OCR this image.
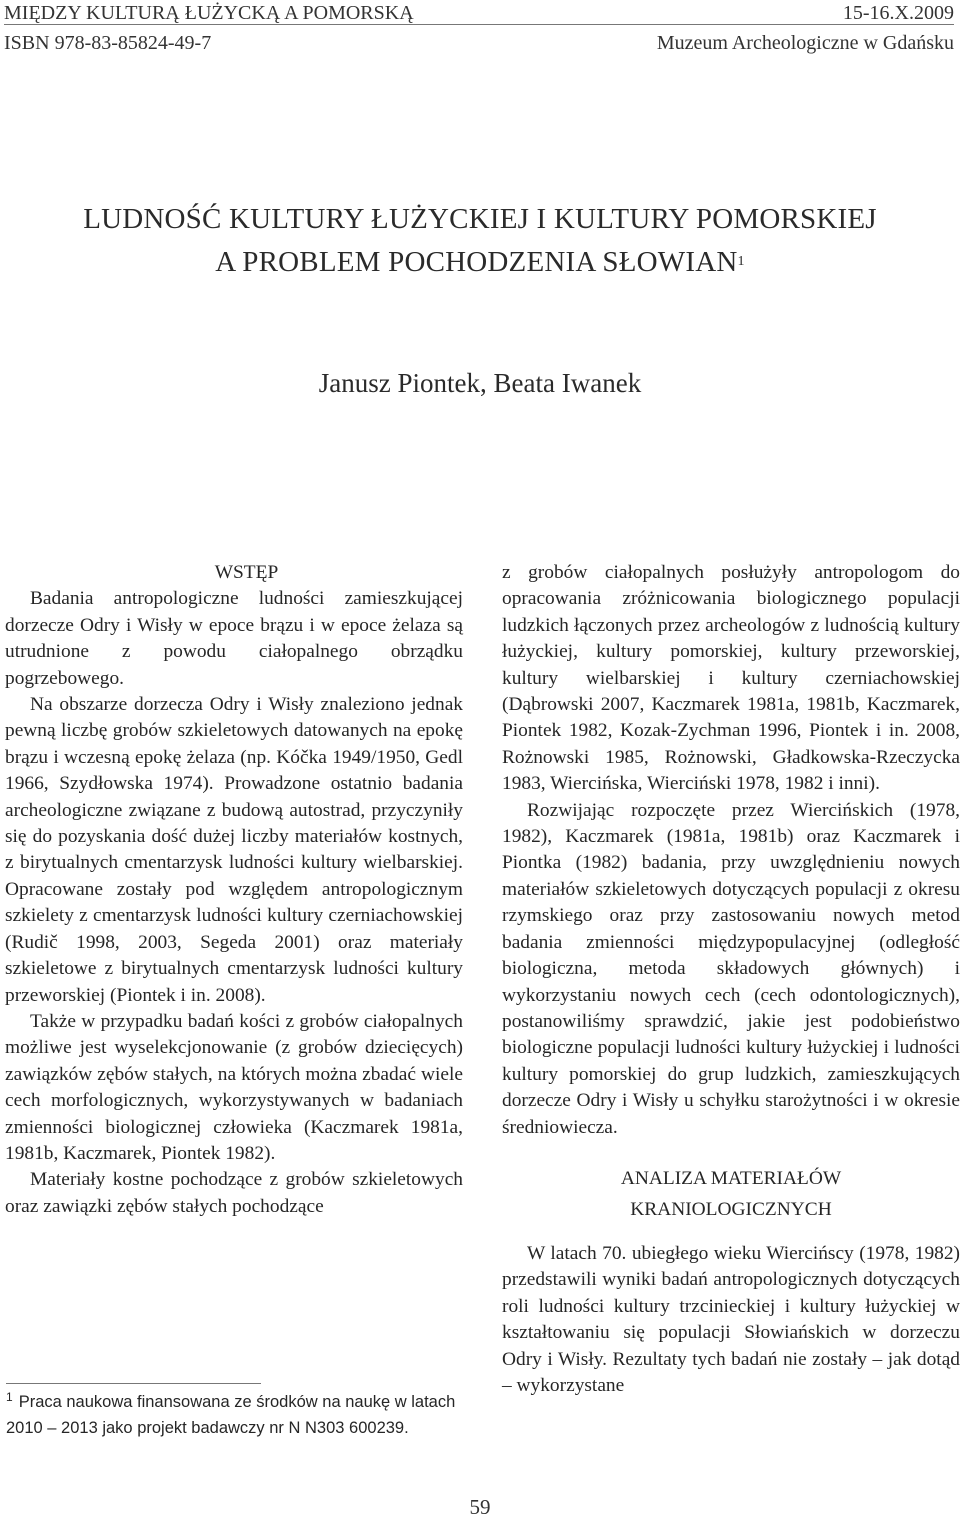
MIĘDZY KULTURĄ ŁUŻYCKĄ A POMORSKĄ	15-16.X.2009
ISBN 978-83-85824-49-7	Muzeum Archeologiczne w Gdańsku
LUDNOŚĆ KULTURY ŁUŻYCKIEJ I KULTURY POMORSKIEJ
A PROBLEM POCHODZENIA SŁOWIAN$^1$
Janusz Piontek, Beata Iwanek

WSTĘP

Badania antropologiczne ludności zamieszkującej dorzecze Odry i Wisły w epoce brązu i w epoce żelaza są utrudnione z powodu ciałopalnego obrządku pogrzebowego.

Na obszarze dorzecza Odry i Wisły znaleziono jednak pewną liczbę grobów szkieletowych datowanych na epokę brązu i wczesną epokę żelaza (np. Kóčka 1949/1950, Gedl 1966, Szydłowska 1974). Prowadzone ostatnio badania archeologiczne związane z budową autostrad, przyczyniły się do pozyskania dość dużej liczby materiałów kostnych, z birytualnych cmentarzysk ludności kultury wielbarskiej. Opracowane zostały pod względem antropologicznym szkielety z cmentarzysk ludności kultury czerniachowskiej (Rudič 1998, 2003, Segeda 2001) oraz materiały szkieletowe z birytualnych cmentarzysk ludności kultury przeworskiej (Piontek i in. 2008).

Także w przypadku badań kości z grobów ciałopalnych możliwe jest wyselekcjonowanie (z grobów dziecięcych) zawiązków zębów stałych, na których można zbadać wiele cech morfologicznych, wykorzystywanych w badaniach zmienności biologicznej człowieka (Kaczmarek 1981a, 1981b, Kaczmarek, Piontek 1982).

Materiały kostne pochodzące z grobów szkieletowych oraz zawiązki zębów stałych pochodzące

$^1$ Praca naukowa finansowana ze środków na naukę w latach 2010 – 2013 jako projekt badawczy nr N N303 600239.

z grobów ciałopalnych posłużyły antropologom do opracowania zróżnicowania biologicznego populacji ludzkich łączonych przez archeologów z ludnością kultury łużyckiej, kultury pomorskiej, kultury przeworskiej, kultury wielbarskiej i kultury czerniachowskiej (Dąbrowski 2007, Kaczmarek 1981a, 1981b, Kaczmarek, Piontek 1982, Kozak-Zychman 1996, Piontek i in. 2008, Rożnowski 1985, Rożnowski, Gładkowska-Rzeczycka 1983, Wiercińska, Wierciński 1978, 1982 i inni).

Rozwijając rozpoczęte przez Wiercińskich (1978, 1982), Kaczmarek (1981a, 1981b) oraz Kaczmarek i Piontka (1982) badania, przy uwzględnieniu nowych materiałów szkieletowych dotyczących populacji z okresu rzymskiego oraz przy zastosowaniu nowych metod badania zmienności międzypopulacyjnej (odległość biologiczna, metoda składowych głównych) i wykorzystaniu nowych cech (cech odontologicznych), postanowiliśmy sprawdzić, jakie jest podobieństwo biologiczne populacji ludności kultury łużyckiej i ludności kultury pomorskiej do grup ludzkich, zamieszkujących dorzecze Odry i Wisły u schyłku starożytności i w okresie średniowiecza.

ANALIZA MATERIAŁÓW
KRANIOLOGICZNYCH

W latach 70. ubiegłego wieku Wiercińscy (1978, 1982) przedstawili wyniki badań antropologicznych dotyczących roli ludności kultury trzcinieckiej i kultury łużyckiej w kształtowaniu się populacji Słowiańskich w dorzeczu Odry i Wisły. Rezultaty tych badań nie zostały – jak dotąd – wykorzystane

59
